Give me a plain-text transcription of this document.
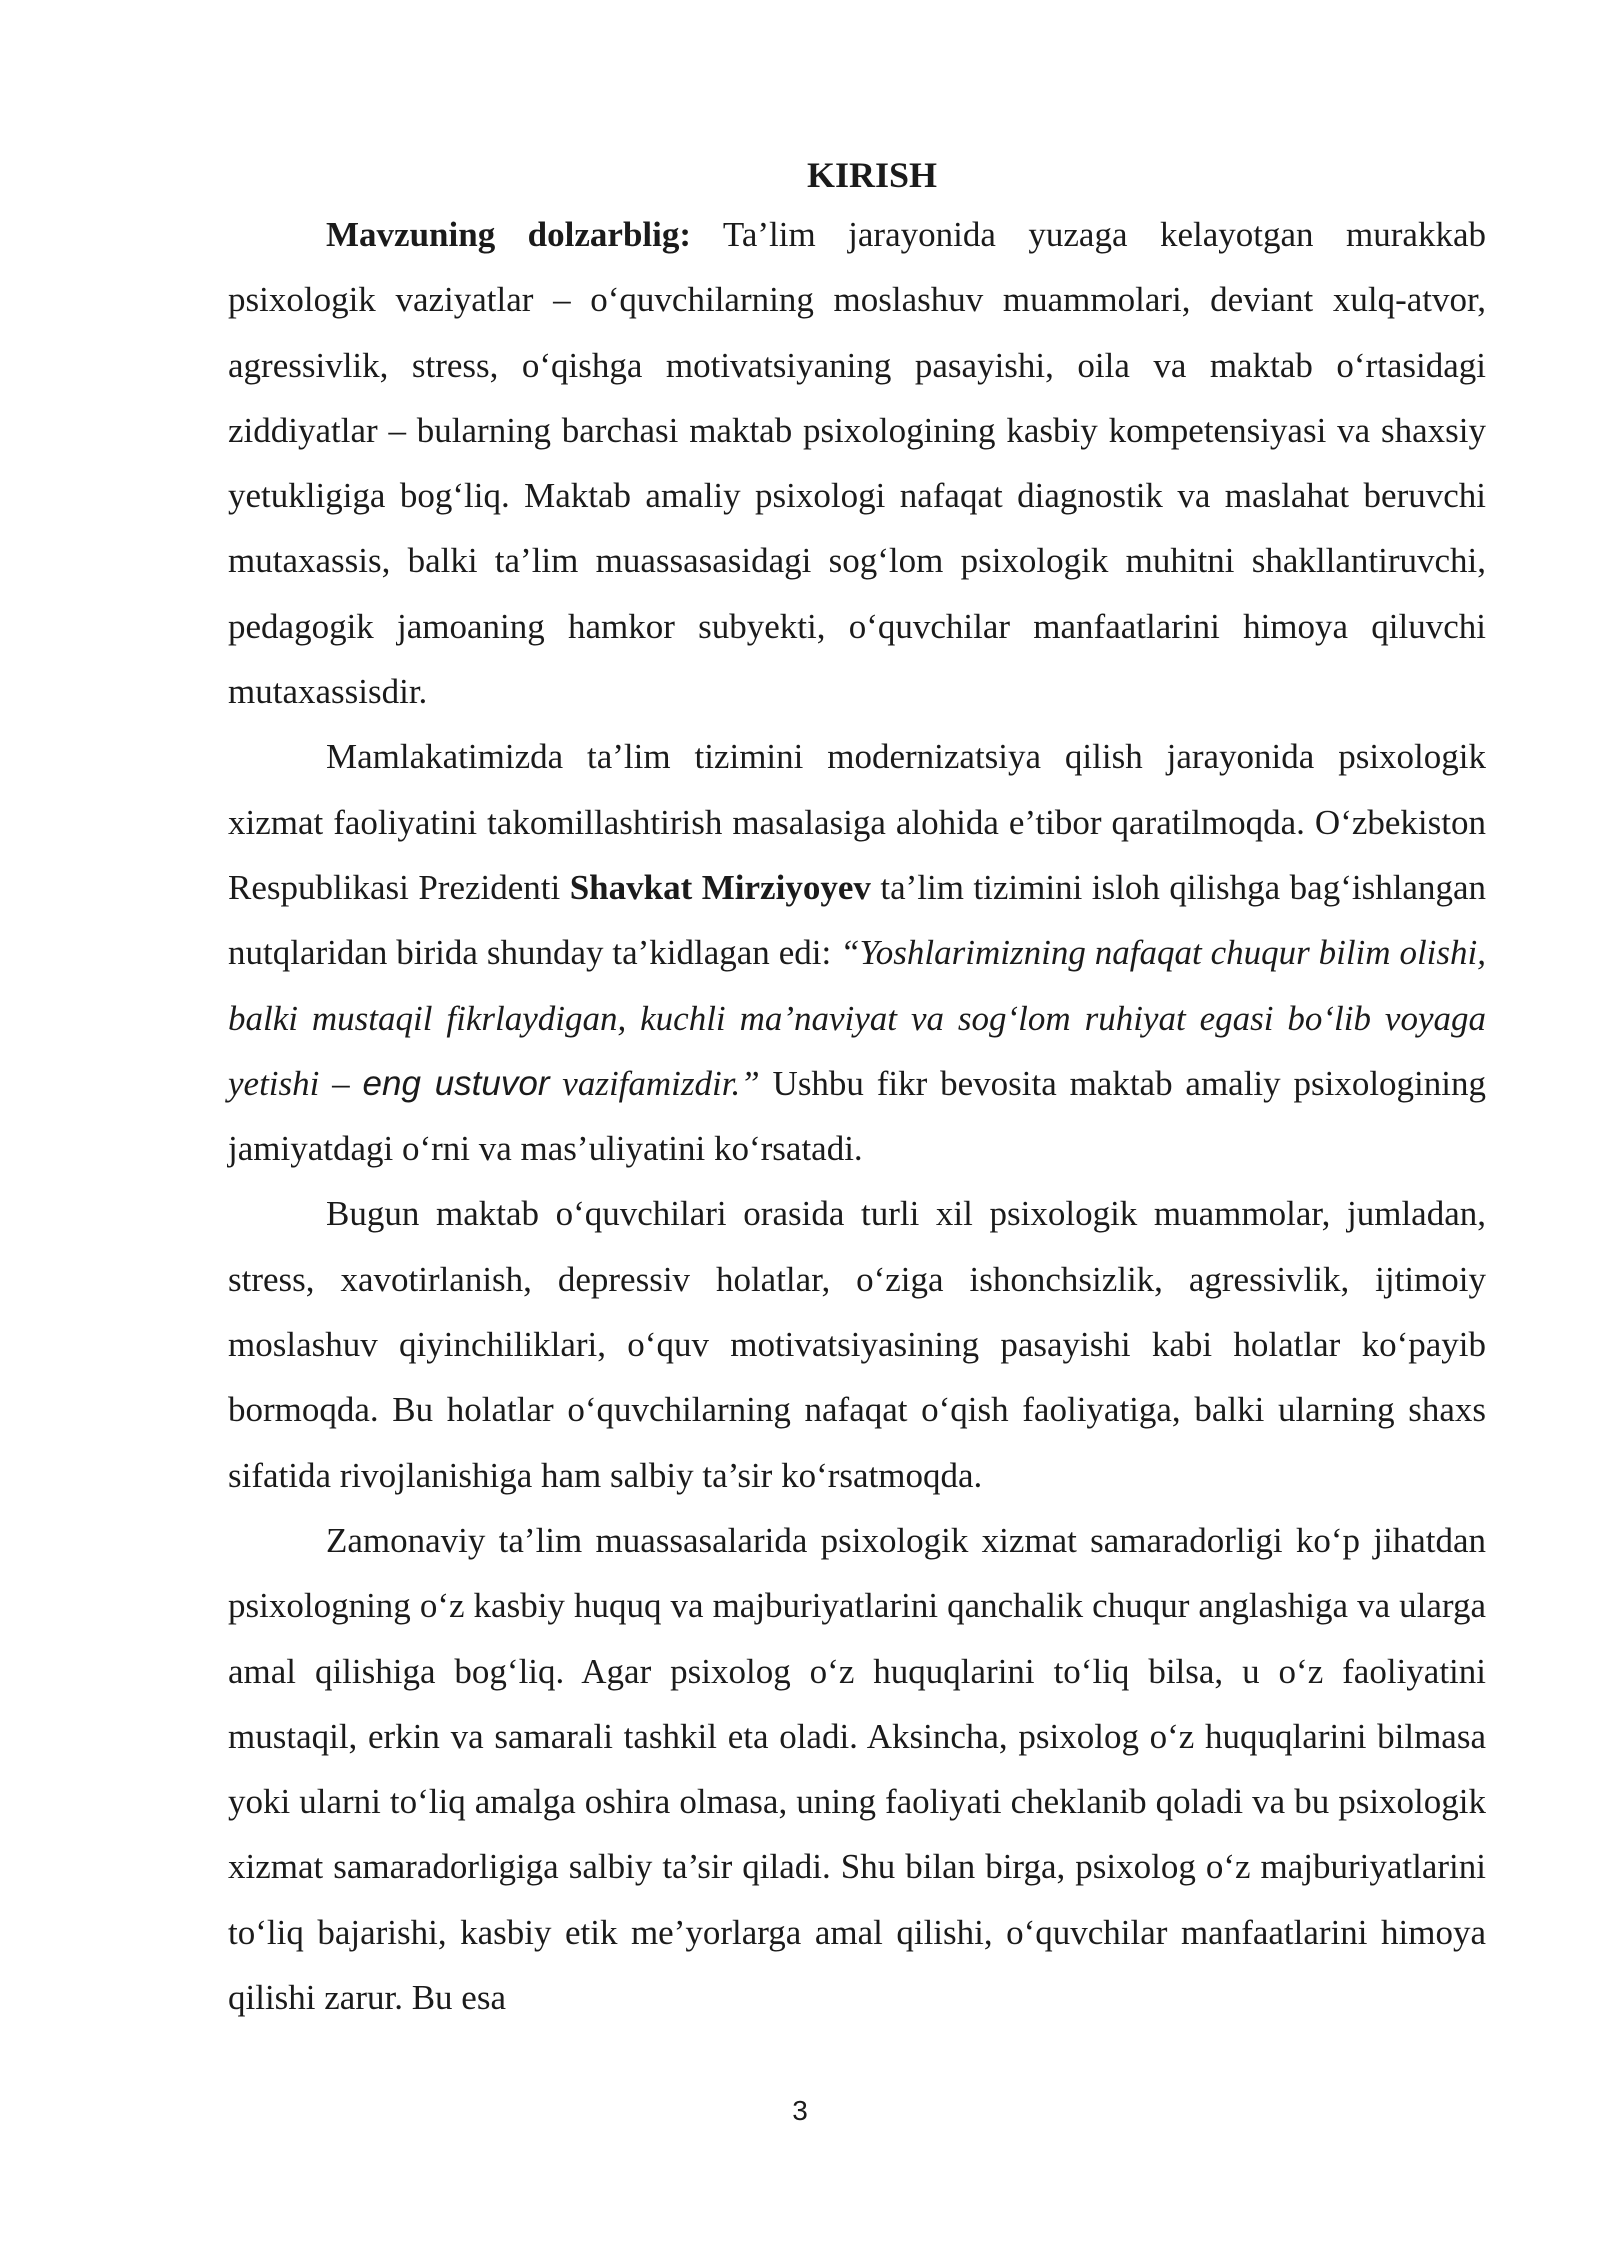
KIRISH

Mavzuning dolzarblig: Ta’lim jarayonida yuzaga kelayotgan murakkab psixologik vaziyatlar – o‘quvchilarning moslashuv muammolari, deviant xulq-atvor, agressivlik, stress, o‘qishga motivatsiyaning pasayishi, oila va maktab o‘rtasidagi ziddiyatlar – bularning barchasi maktab psixologining kasbiy kompetensiyasi va shaxsiy yetukligiga bog‘liq. Maktab amaliy psixologi nafaqat diagnostik va maslahat beruvchi mutaxassis, balki ta’lim muassasasidagi sog‘lom psixologik muhitni shakllantiruvchi, pedagogik jamoaning hamkor subyekti, o‘quvchilar manfaatlarini himoya qiluvchi mutaxassisdir.

Mamlakatimizda ta’lim tizimini modernizatsiya qilish jarayonida psixologik xizmat faoliyatini takomillashtirish masalasiga alohida e’tibor qaratilmoqda. O‘zbekiston Respublikasi Prezidenti Shavkat Mirziyoyev ta’lim tizimini isloh qilishga bag‘ishlangan nutqlaridan birida shunday ta’kidlagan edi: “Yoshlarimizning nafaqat chuqur bilim olishi, balki mustaqil fikrlaydigan, kuchli ma’naviyat va sog‘lom ruhiyat egasi bo‘lib voyaga yetishi – eng ustuvor vazifamizdir.” Ushbu fikr bevosita maktab amaliy psixologining jamiyatdagi o‘rni va mas’uliyatini ko‘rsatadi.

Bugun maktab o‘quvchilari orasida turli xil psixologik muammolar, jumladan, stress, xavotirlanish, depressiv holatlar, o‘ziga ishonchsizlik, agressivlik, ijtimoiy moslashuv qiyinchiliklari, o‘quv motivatsiyasining pasayishi kabi holatlar ko‘payib bormoqda. Bu holatlar o‘quvchilarning nafaqat o‘qish faoliyatiga, balki ularning shaxs sifatida rivojlanishiga ham salbiy ta’sir ko‘rsatmoqda.

Zamonaviy ta’lim muassasalarida psixologik xizmat samaradorligi ko‘p jihatdan psixologning o‘z kasbiy huquq va majburiyatlarini qanchalik chuqur anglashiga va ularga amal qilishiga bog‘liq. Agar psixolog o‘z huquqlarini to‘liq bilsa, u o‘z faoliyatini mustaqil, erkin va samarali tashkil eta oladi. Aksincha, psixolog o‘z huquqlarini bilmasa yoki ularni to‘liq amalga oshira olmasa, uning faoliyati cheklanib qoladi va bu psixologik xizmat samaradorligiga salbiy ta’sir qiladi. Shu bilan birga, psixolog o‘z majburiyatlarini to‘liq bajarishi, kasbiy etik me’yorlarga amal qilishi, o‘quvchilar manfaatlarini himoya qilishi zarur. Bu esa

3
